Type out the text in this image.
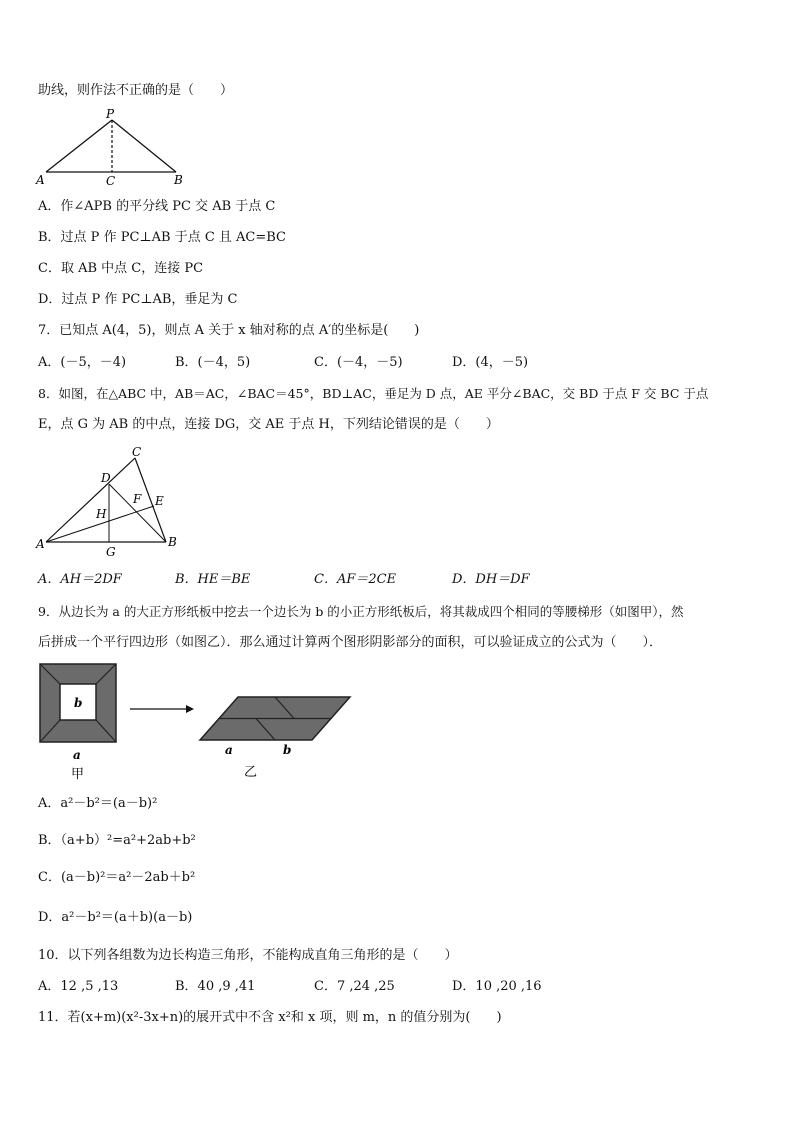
助线，则作法不正确的是（　　）
P
A	C	B
A．作∠APB 的平分线 PC 交 AB 于点 C
B．过点 P 作 PC⊥AB 于点 C 且 AC=BC
C．取 AB 中点 C，连接 PC
D．过点 P 作 PC⊥AB，垂足为 C
7．已知点 A(4，5)，则点 A 关于 x 轴对称的点 A′的坐标是(　　)
A．(－5，－4)	B．(－4，5)	C．(－4，－5)	D．(4，－5)
8．如图，在△ABC 中，AB＝AC，∠BAC＝45°，BD⊥AC，垂足为 D 点，AE 平分∠BAC，交 BD 于点 F 交 BC 于点
E，点 G 为 AB 的中点，连接 DG，交 AE 于点 H，下列结论错误的是（　　）
C
D
F E
H
A	B
G
A．AH＝2DF	B．HE＝BE	C．AF＝2CE	D．DH＝DF
9．从边长为 a 的大正方形纸板中挖去一个边长为 b 的小正方形纸板后，将其裁成四个相同的等腰梯形（如图甲），然
后拼成一个平行四边形（如图乙）．那么通过计算两个图形阴影部分的面积，可以验证成立的公式为（　　）．
b
a
甲
a	b
乙
A．a²－b²＝(a－b)²
B．（a+b）²=a²+2ab+b²
C．(a－b)²＝a²－2ab＋b²
D．a²－b²＝(a＋b)(a－b)
10．以下列各组数为边长构造三角形，不能构成直角三角形的是（　　）
A．12 ,5 ,13	B．40 ,9 ,41	C．7 ,24 ,25	D．10 ,20 ,16
11．若(x+m)(x²-3x+n)的展开式中不含 x²和 x 项，则 m，n 的值分别为(　　)
